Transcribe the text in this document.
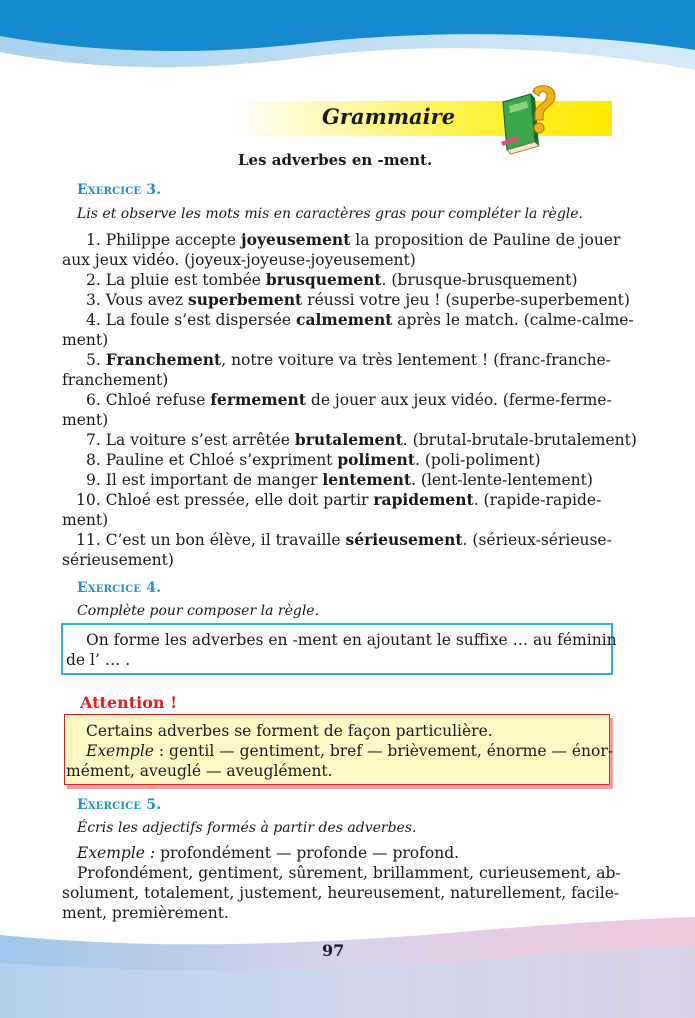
Grammaire
Les adverbes en -ment.
Exercice 3.
Lis et observe les mots mis en caractères gras pour compléter la règle.
1. Philippe accepte joyeusement la proposition de Pauline de jouer
aux jeux vidéo. (joyeux-joyeuse-joyeusement)
2. La pluie est tombée brusquement. (brusque-brusquement)
3. Vous avez superbement réussi votre jeu ! (superbe-superbement)
4. La foule s’est dispersée calmement après le match. (calme-calme-
ment)
5. Franchement, notre voiture va très lentement ! (franc-franche-
franchement)
6. Chloé refuse fermement de jouer aux jeux vidéo. (ferme-ferme-
ment)
7. La voiture s’est arrêtée brutalement. (brutal-brutale-brutalement)
8. Pauline et Chloé s’expriment poliment. (poli-poliment)
9. Il est important de manger lentement. (lent-lente-lentement)
10. Chloé est pressée, elle doit partir rapidement. (rapide-rapide-
ment)
11. C’est un bon élève, il travaille sérieusement. (sérieux-sérieuse-
sérieusement)
Exercice 4.
Complète pour composer la règle.
On forme les adverbes en -ment en ajoutant le suffixe … au féminin
de l’ … .
Attention !
Certains adverbes se forment de façon particulière.
Exemple : gentil — gentiment, bref — brièvement, énorme — énor-
mément, aveuglé — aveuglément.
Exercice 5.
Écris les adjectifs formés à partir des adverbes.
Exemple : profondément — profonde — profond.
Profondément, gentiment, sûrement, brillamment, curieusement, ab-
solument, totalement, justement, heureusement, naturellement, facile-
ment, premièrement.
97
